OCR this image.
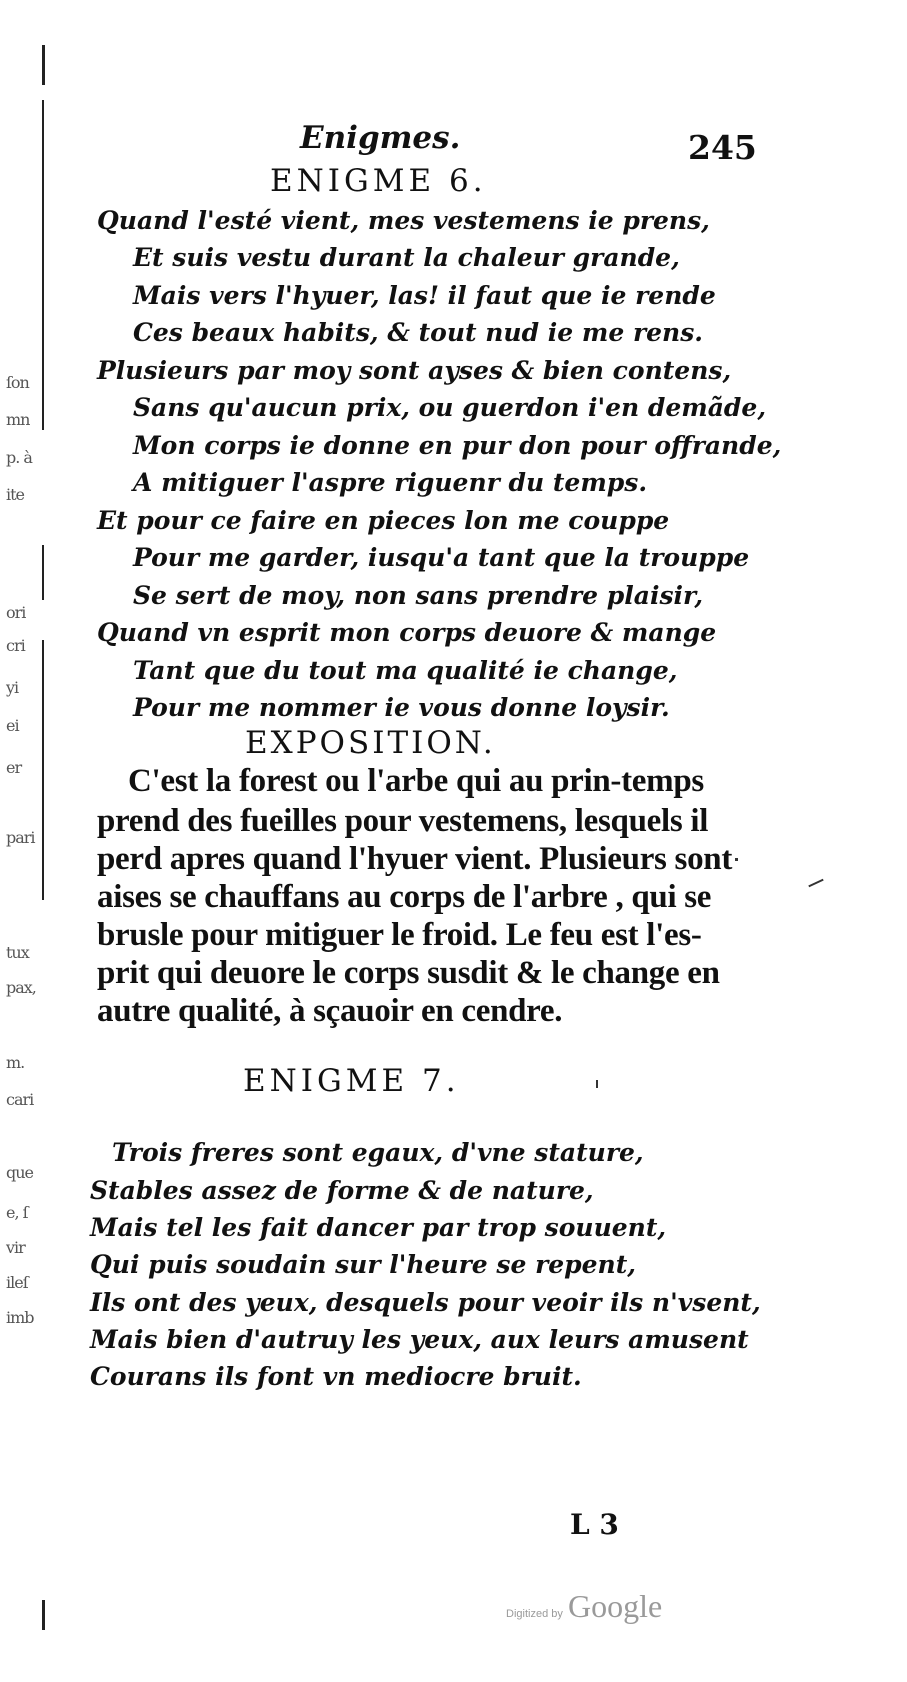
ſon
mn
p. à
ite
ori
cri
yi
ei
er
pari
tux
pax,
m.
cari
que
e, ſ
vir
ileſ
imb
Enigmes.	245
ENIGME 6.
Quand l'esté vient, mes vestemens ie prens,
Et suis vestu durant la chaleur grande,
Mais vers l'hyuer, las! il faut que ie rende
Ces beaux habits, & tout nud ie me rens.
Plusieurs par moy sont ayses & bien contens,
Sans qu'aucun prix, ou guerdon i'en demãde,
Mon corps ie donne en pur don pour offrande,
A mitiguer l'aspre riguenr du temps.
Et pour ce faire en pieces lon me couppe
Pour me garder, iusqu'a tant que la trouppe
Se sert de moy, non sans prendre plaisir,
Quand vn esprit mon corps deuore & mange
Tant que du tout ma qualité ie change,
Pour me nommer ie vous donne loysir.
EXPOSITION.
C'est la forest ou l'arbe qui au prin-temps
prend des fueilles pour vestemens, lesquels il
perd apres quand l'hyuer vient. Plusieurs sont
aises se chauffans au corps de l'arbre , qui se
brusle pour mitiguer le froid. Le feu est l'es-
prit qui deuore le corps susdit & le change en
autre qualité, à sçauoir en cendre.
ENIGME 7.
Trois freres sont egaux, d'vne stature,
Stables assez de forme & de nature,
Mais tel les fait dancer par trop souuent,
Qui puis soudain sur l'heure se repent,
Ils ont des yeux, desquels pour veoir ils n'vsent,
Mais bien d'autruy les yeux, aux leurs amusent
Courans ils font vn mediocre bruit.
L 3
Digitized by Google
